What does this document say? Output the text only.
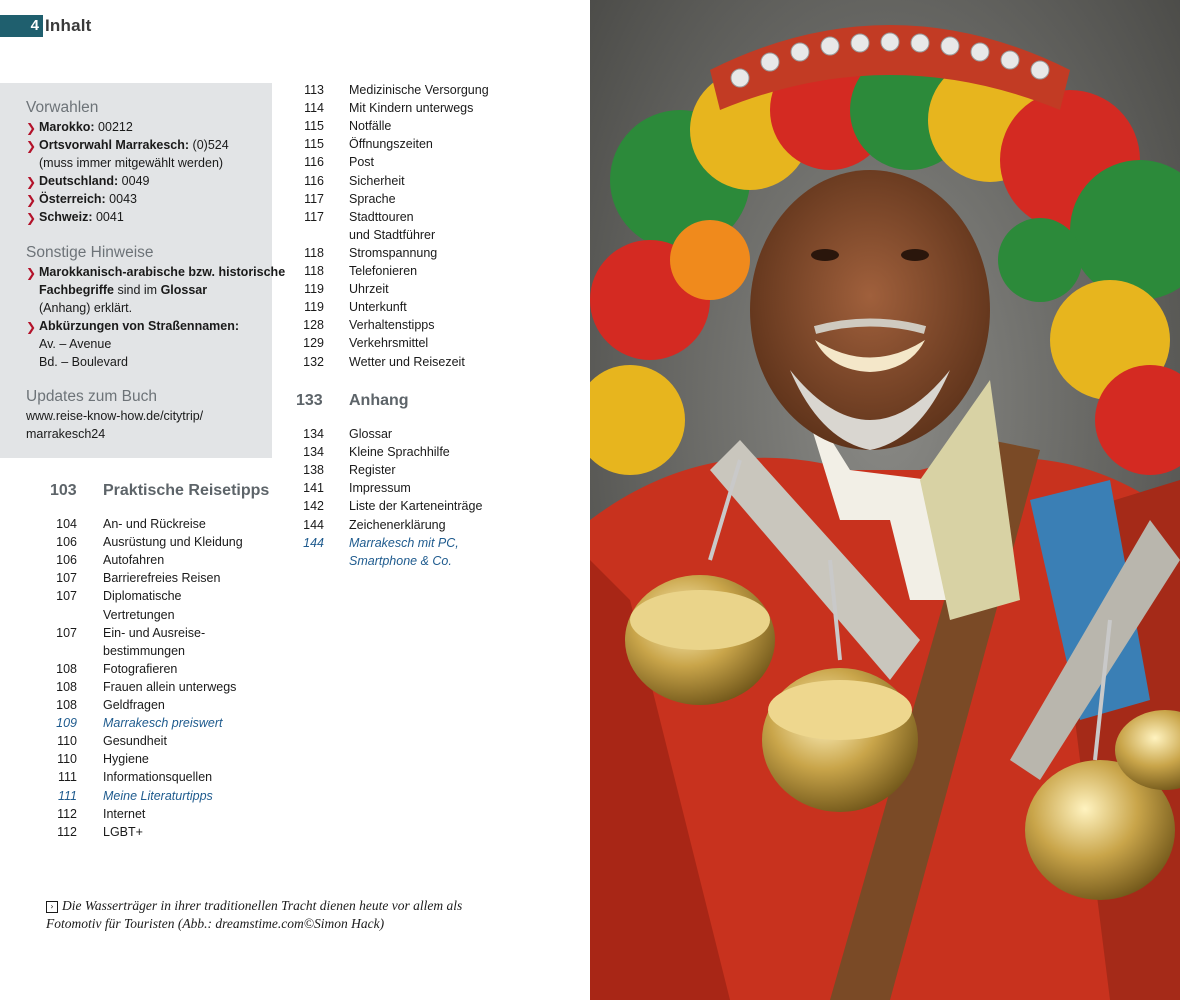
4 Inhalt
Vorwahlen
❯ Marokko: 00212
❯ Ortsvorwahl Marrakesch: (0)524
(muss immer mitgewählt werden)
❯ Deutschland: 0049
❯ Österreich: 0043
❯ Schweiz: 0041
Sonstige Hinweise
❯ Marokkanisch-arabische bzw. historische
Fachbegriffe sind im Glossar
(Anhang) erklärt.
❯ Abkürzungen von Straßennamen:
Av. – Avenue
Bd. – Boulevard
Updates zum Buch
www.reise-know-how.de/citytrip/
marrakesch24
103 Praktische Reisetipps
104 An- und Rückreise
106 Ausrüstung und Kleidung
106 Autofahren
107 Barrierefreies Reisen
107 Diplomatische
Vertretungen
107 Ein- und Ausreise-
bestimmungen
108 Fotografieren
108 Frauen allein unterwegs
108 Geldfragen
109 Marrakesch preiswert
110 Gesundheit
110 Hygiene
111 Informationsquellen
111 Meine Literaturtipps
112 Internet
112 LGBT+
113 Medizinische Versorgung
114 Mit Kindern unterwegs
115 Notfälle
115 Öffnungszeiten
116 Post
116 Sicherheit
117 Sprache
117 Stadttouren
und Stadtführer
118 Stromspannung
118 Telefonieren
119 Uhrzeit
119 Unterkunft
128 Verhaltenstipps
129 Verkehrsmittel
132 Wetter und Reisezeit
133 Anhang
134 Glossar
134 Kleine Sprachhilfe
138 Register
141 Impressum
142 Liste der Karteneinträge
144 Zeichenerklärung
144 Marrakesch mit PC,
Smartphone & Co.
› Die Wasserträger in ihrer traditionellen Tracht dienen heute vor allem als
Fotomotiv für Touristen (Abb.: dreamstime.com©Simon Hack)
